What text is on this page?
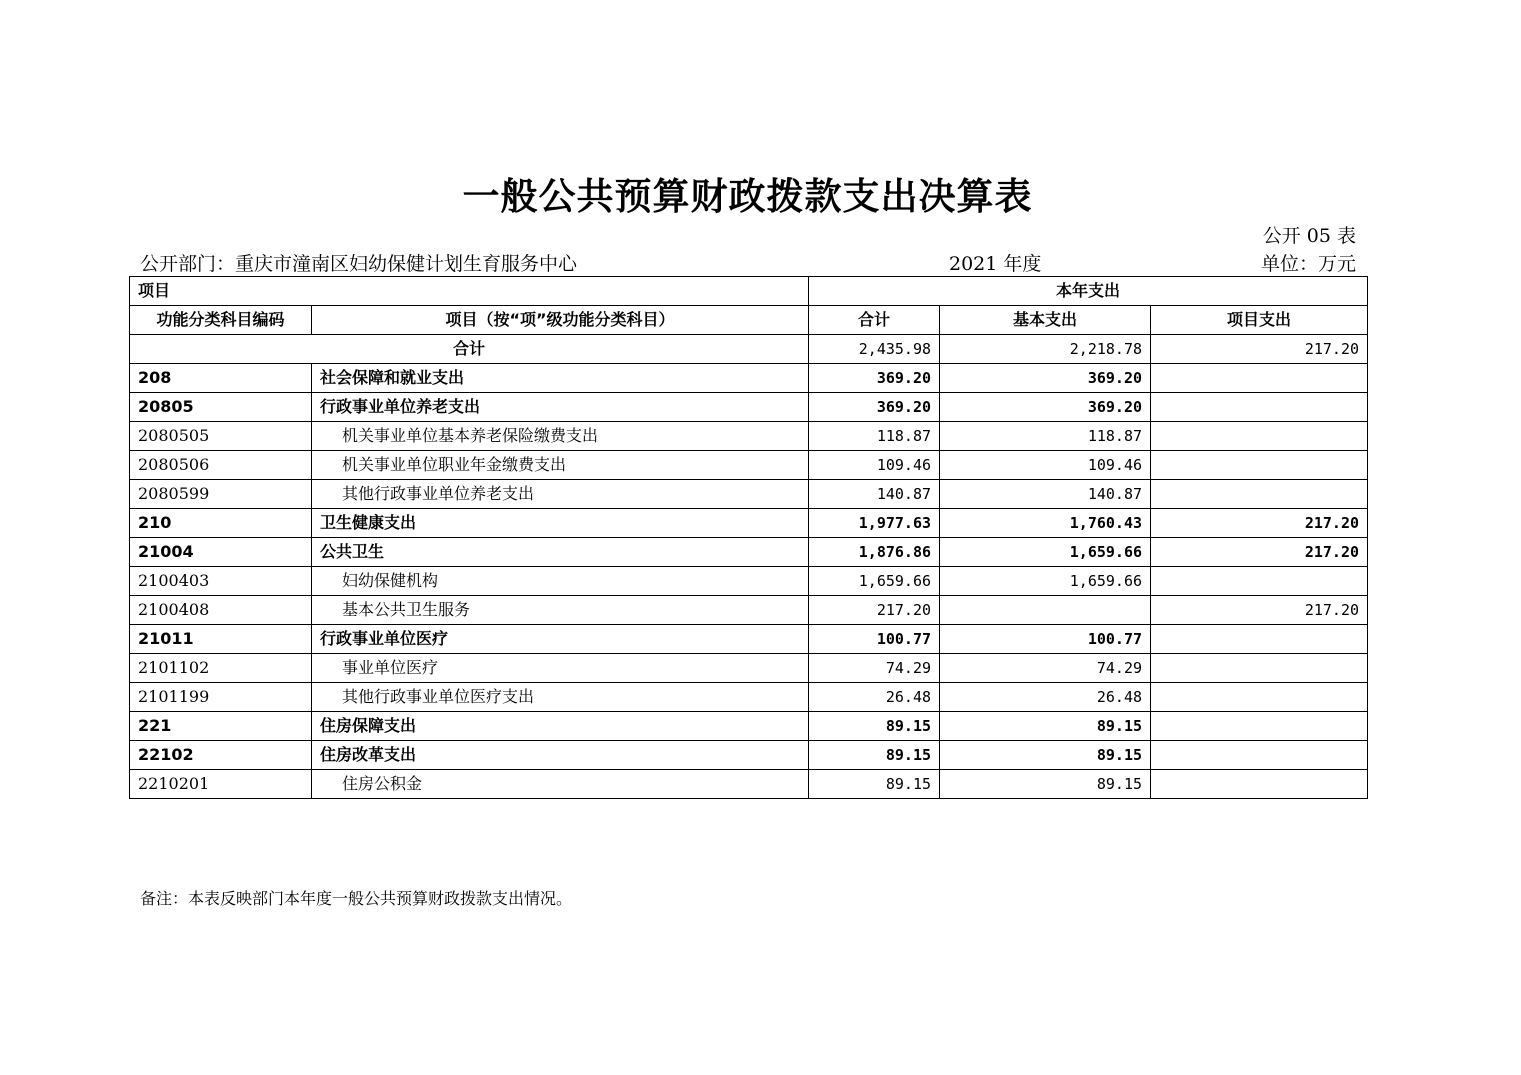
一般公共预算财政拨款支出决算表
公开 05 表
公开部门：重庆市潼南区妇幼保健计划生育服务中心	2021 年度	单位：万元
项目		本年支出		
功能分类科目编码	项目（按“项”级功能分类科目）	合计	基本支出	项目支出
合计		2,435.98	2,218.78	217.20
208	社会保障和就业支出	369.20	369.20	
20805	行政事业单位养老支出	369.20	369.20	
2080505	机关事业单位基本养老保险缴费支出	118.87	118.87	
2080506	机关事业单位职业年金缴费支出	109.46	109.46	
2080599	其他行政事业单位养老支出	140.87	140.87	
210	卫生健康支出	1,977.63	1,760.43	217.20
21004	公共卫生	1,876.86	1,659.66	217.20
2100403	妇幼保健机构	1,659.66	1,659.66	
2100408	基本公共卫生服务	217.20		217.20
21011	行政事业单位医疗	100.77	100.77	
2101102	事业单位医疗	74.29	74.29	
2101199	其他行政事业单位医疗支出	26.48	26.48	
221	住房保障支出	89.15	89.15	
22102	住房改革支出	89.15	89.15	
2210201	住房公积金	89.15	89.15	
备注：本表反映部门本年度一般公共预算财政拨款支出情况。
